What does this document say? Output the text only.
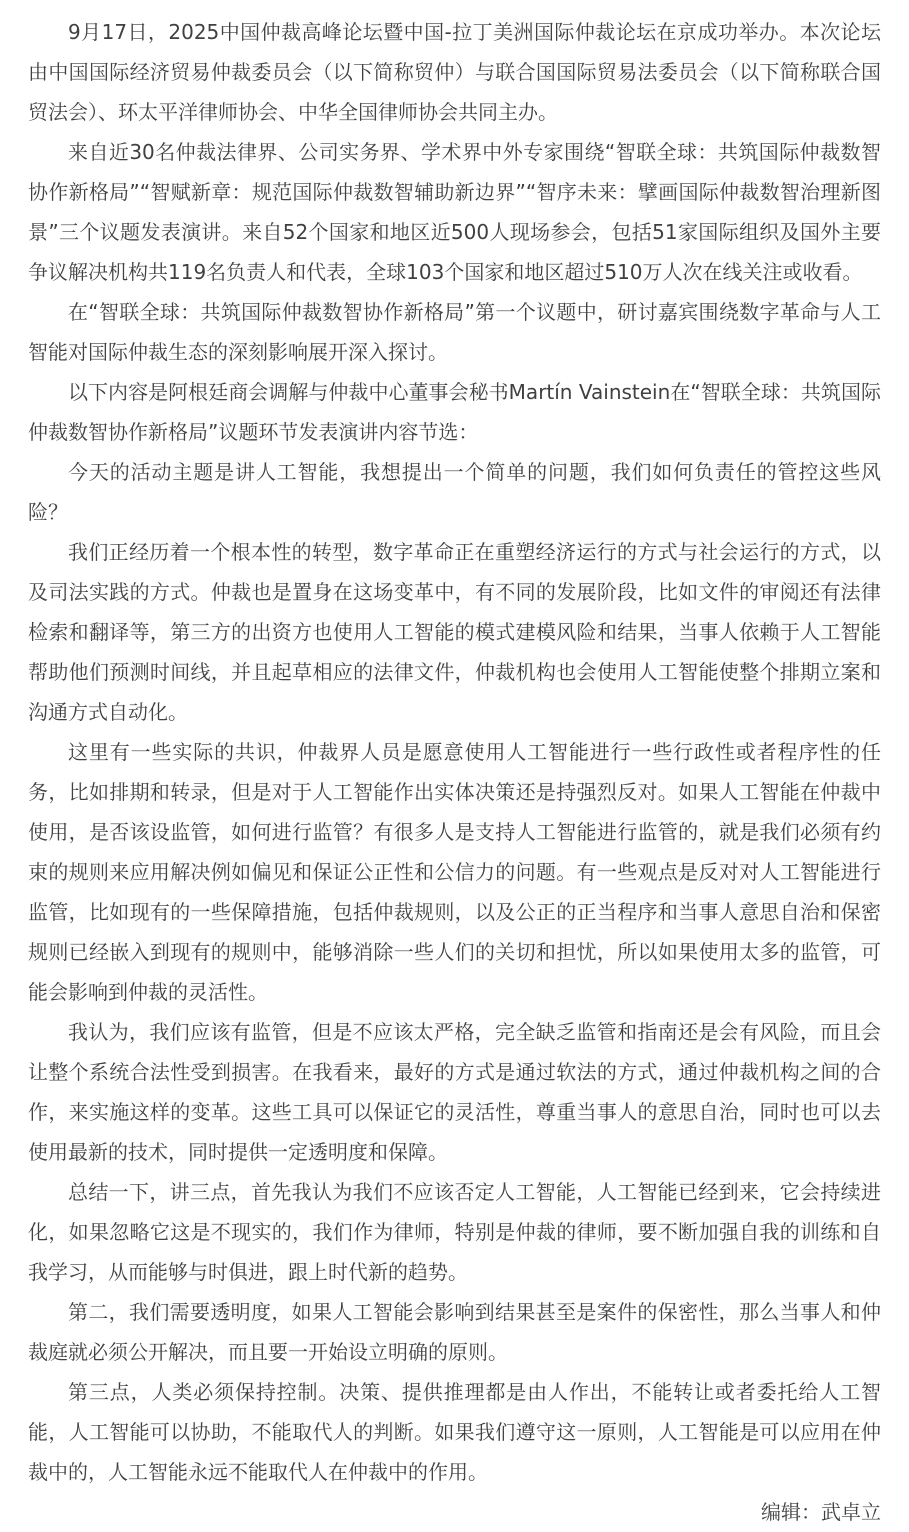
9月17日，2025中国仲裁高峰论坛暨中国-拉丁美洲国际仲裁论坛在京成功举办。本次论坛由中国国际经济贸易仲裁委员会（以下简称贸仲）与联合国国际贸易法委员会（以下简称联合国贸法会）、环太平洋律师协会、中华全国律师协会共同主办。

来自近30名仲裁法律界、公司实务界、学术界中外专家围绕“智联全球：共筑国际仲裁数智协作新格局”“智赋新章：规范国际仲裁数智辅助新边界”“智序未来：擘画国际仲裁数智治理新图景”三个议题发表演讲。来自52个国家和地区近500人现场参会，包括51家国际组织及国外主要争议解决机构共119名负责人和代表，全球103个国家和地区超过510万人次在线关注或收看。

在“智联全球：共筑国际仲裁数智协作新格局”第一个议题中，研讨嘉宾围绕数字革命与人工智能对国际仲裁生态的深刻影响展开深入探讨。

以下内容是阿根廷商会调解与仲裁中心董事会秘书Martín Vainstein在“智联全球：共筑国际仲裁数智协作新格局”议题环节发表演讲内容节选：

今天的活动主题是讲人工智能，我想提出一个简单的问题，我们如何负责任的管控这些风险？

我们正经历着一个根本性的转型，数字革命正在重塑经济运行的方式与社会运行的方式，以及司法实践的方式。仲裁也是置身在这场变革中，有不同的发展阶段，比如文件的审阅还有法律检索和翻译等，第三方的出资方也使用人工智能的模式建模风险和结果，当事人依赖于人工智能帮助他们预测时间线，并且起草相应的法律文件，仲裁机构也会使用人工智能使整个排期立案和沟通方式自动化。

这里有一些实际的共识，仲裁界人员是愿意使用人工智能进行一些行政性或者程序性的任务，比如排期和转录，但是对于人工智能作出实体决策还是持强烈反对。如果人工智能在仲裁中使用，是否该设监管，如何进行监管？有很多人是支持人工智能进行监管的，就是我们必须有约束的规则来应用解决例如偏见和保证公正性和公信力的问题。有一些观点是反对对人工智能进行监管，比如现有的一些保障措施，包括仲裁规则，以及公正的正当程序和当事人意思自治和保密规则已经嵌入到现有的规则中，能够消除一些人们的关切和担忧，所以如果使用太多的监管，可能会影响到仲裁的灵活性。

我认为，我们应该有监管，但是不应该太严格，完全缺乏监管和指南还是会有风险，而且会让整个系统合法性受到损害。在我看来，最好的方式是通过软法的方式，通过仲裁机构之间的合作，来实施这样的变革。这些工具可以保证它的灵活性，尊重当事人的意思自治，同时也可以去使用最新的技术，同时提供一定透明度和保障。

总结一下，讲三点，首先我认为我们不应该否定人工智能，人工智能已经到来，它会持续进化，如果忽略它这是不现实的，我们作为律师，特别是仲裁的律师，要不断加强自我的训练和自我学习，从而能够与时俱进，跟上时代新的趋势。

第二，我们需要透明度，如果人工智能会影响到结果甚至是案件的保密性，那么当事人和仲裁庭就必须公开解决，而且要一开始设立明确的原则。

第三点，人类必须保持控制。决策、提供推理都是由人作出，不能转让或者委托给人工智能，人工智能可以协助，不能取代人的判断。如果我们遵守这一原则，人工智能是可以应用在仲裁中的，人工智能永远不能取代人在仲裁中的作用。

编辑：武卓立
